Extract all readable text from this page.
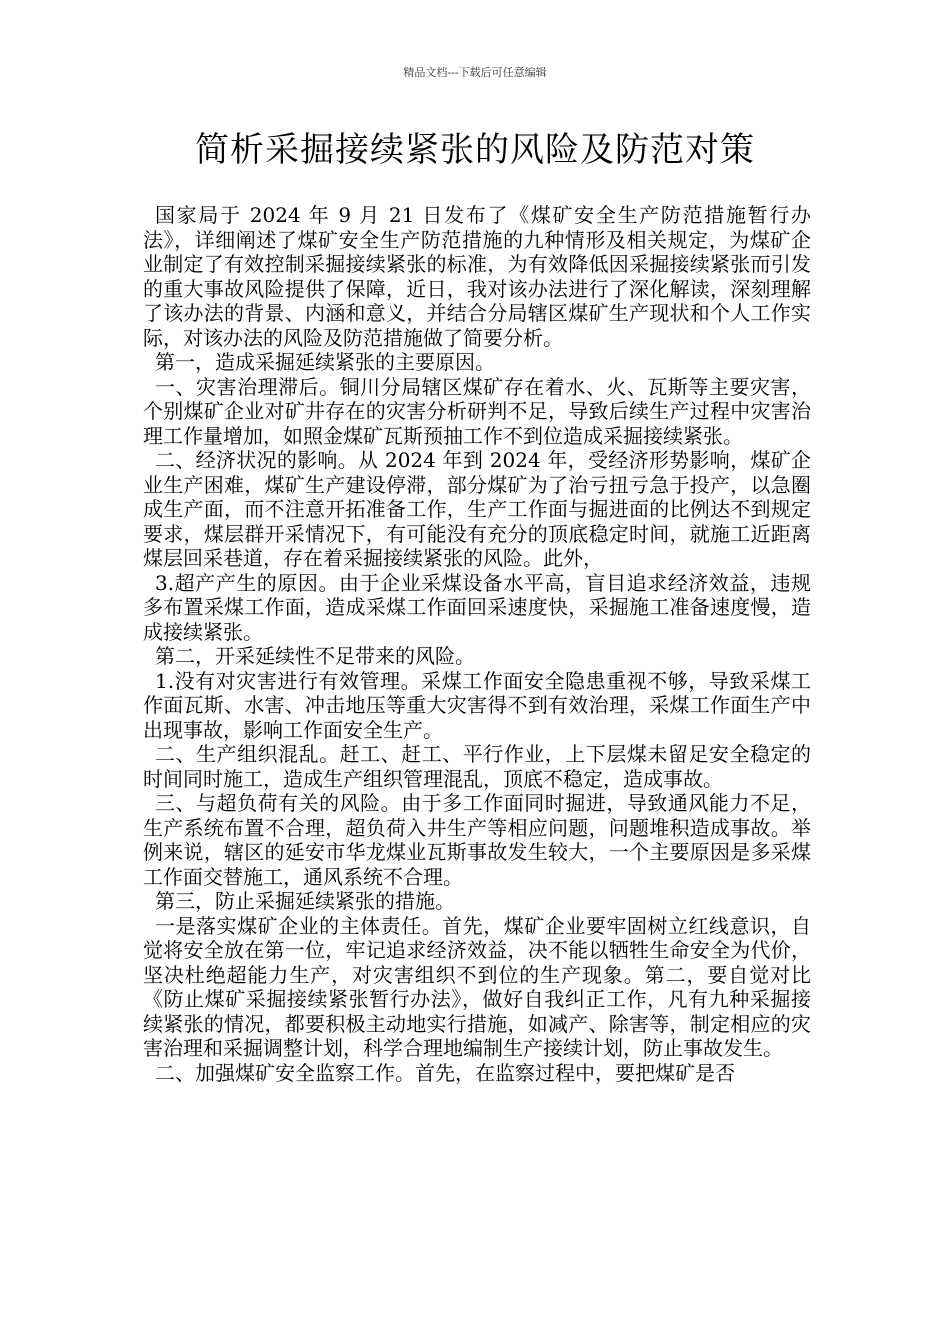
精品文档---下载后可任意编辑
简析采掘接续紧张的风险及防范对策

国家局于 2024 年 9 月 21 日发布了《煤矿安全生产防范措施暂行办法》，详细阐述了煤矿安全生产防范措施的九种情形及相关规定，为煤矿企业制定了有效控制采掘接续紧张的标准，为有效降低因采掘接续紧张而引发的重大事故风险提供了保障，近日，我对该办法进行了深化解读，深刻理解了该办法的背景、内涵和意义，并结合分局辖区煤矿生产现状和个人工作实际，对该办法的风险及防范措施做了简要分析。

第一，造成采掘延续紧张的主要原因。

一、灾害治理滞后。铜川分局辖区煤矿存在着水、火、瓦斯等主要灾害，个别煤矿企业对矿井存在的灾害分析研判不足，导致后续生产过程中灾害治理工作量增加，如照金煤矿瓦斯预抽工作不到位造成采掘接续紧张。

二、经济状况的影响。从 2024 年到 2024 年，受经济形势影响，煤矿企业生产困难，煤矿生产建设停滞，部分煤矿为了治亏扭亏急于投产，以急圈成生产面，而不注意开拓准备工作，生产工作面与掘进面的比例达不到规定要求，煤层群开采情况下，有可能没有充分的顶底稳定时间，就施工近距离煤层回采巷道，存在着采掘接续紧张的风险。此外，

3.超产产生的原因。由于企业采煤设备水平高，盲目追求经济效益，违规多布置采煤工作面，造成采煤工作面回采速度快，采掘施工准备速度慢，造成接续紧张。

第二，开采延续性不足带来的风险。

1.没有对灾害进行有效管理。采煤工作面安全隐患重视不够，导致采煤工作面瓦斯、水害、冲击地压等重大灾害得不到有效治理，采煤工作面生产中出现事故，影响工作面安全生产。

二、生产组织混乱。赶工、赶工、平行作业，上下层煤未留足安全稳定的时间同时施工，造成生产组织管理混乱，顶底不稳定，造成事故。

三、与超负荷有关的风险。由于多工作面同时掘进，导致通风能力不足，生产系统布置不合理，超负荷入井生产等相应问题，问题堆积造成事故。举例来说，辖区的延安市华龙煤业瓦斯事故发生较大，一个主要原因是多采煤工作面交替施工，通风系统不合理。

第三，防止采掘延续紧张的措施。

一是落实煤矿企业的主体责任。首先，煤矿企业要牢固树立红线意识，自觉将安全放在第一位，牢记追求经济效益，决不能以牺牲生命安全为代价，坚决杜绝超能力生产，对灾害组织不到位的生产现象。第二，要自觉对比《防止煤矿采掘接续紧张暂行办法》，做好自我纠正工作，凡有九种采掘接续紧张的情况，都要积极主动地实行措施，如减产、除害等，制定相应的灾害治理和采掘调整计划，科学合理地编制生产接续计划，防止事故发生。

二、加强煤矿安全监察工作。首先，在监察过程中，要把煤矿是否
